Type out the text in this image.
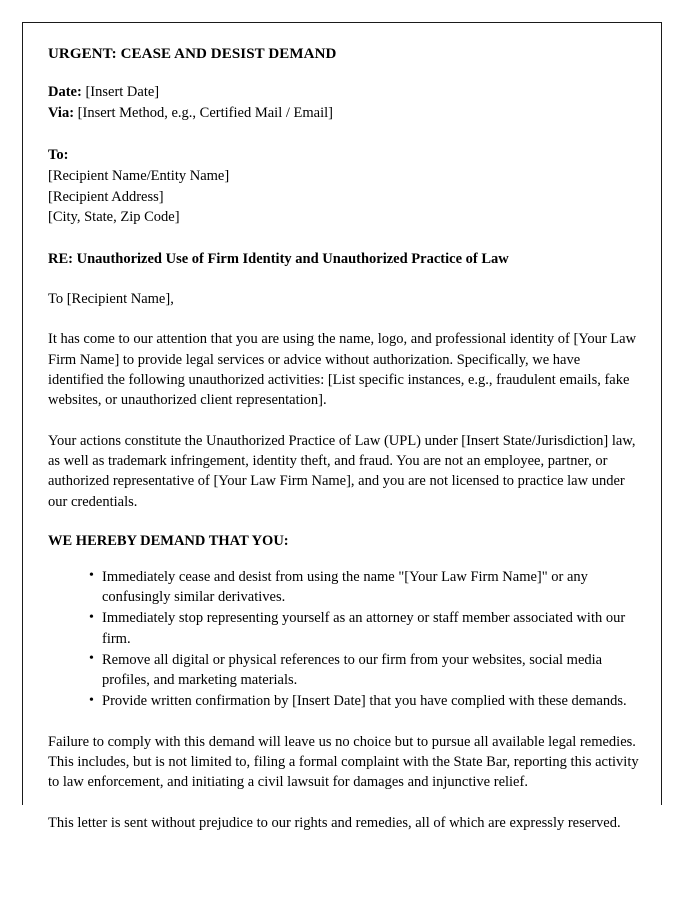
URGENT: CEASE AND DESIST DEMAND
Date: [Insert Date]
Via: [Insert Method, e.g., Certified Mail / Email]
To:
[Recipient Name/Entity Name]
[Recipient Address]
[City, State, Zip Code]
RE: Unauthorized Use of Firm Identity and Unauthorized Practice of Law
To [Recipient Name],

It has come to our attention that you are using the name, logo, and professional identity of [Your Law Firm Name] to provide legal services or advice without authorization. Specifically, we have identified the following unauthorized activities: [List specific instances, e.g., fraudulent emails, fake websites, or unauthorized client representation].

Your actions constitute the Unauthorized Practice of Law (UPL) under [Insert State/Jurisdiction] law, as well as trademark infringement, identity theft, and fraud. You are not an employee, partner, or authorized representative of [Your Law Firm Name], and you are not licensed to practice law under our credentials.

WE HEREBY DEMAND THAT YOU:
• Immediately cease and desist from using the name "[Your Law Firm Name]" or any confusingly similar derivatives.
• Immediately stop representing yourself as an attorney or staff member associated with our firm.
• Remove all digital or physical references to our firm from your websites, social media profiles, and marketing materials.
• Provide written confirmation by [Insert Date] that you have complied with these demands.

Failure to comply with this demand will leave us no choice but to pursue all available legal remedies. This includes, but is not limited to, filing a formal complaint with the State Bar, reporting this activity to law enforcement, and initiating a civil lawsuit for damages and injunctive relief.

This letter is sent without prejudice to our rights and remedies, all of which are expressly reserved.
